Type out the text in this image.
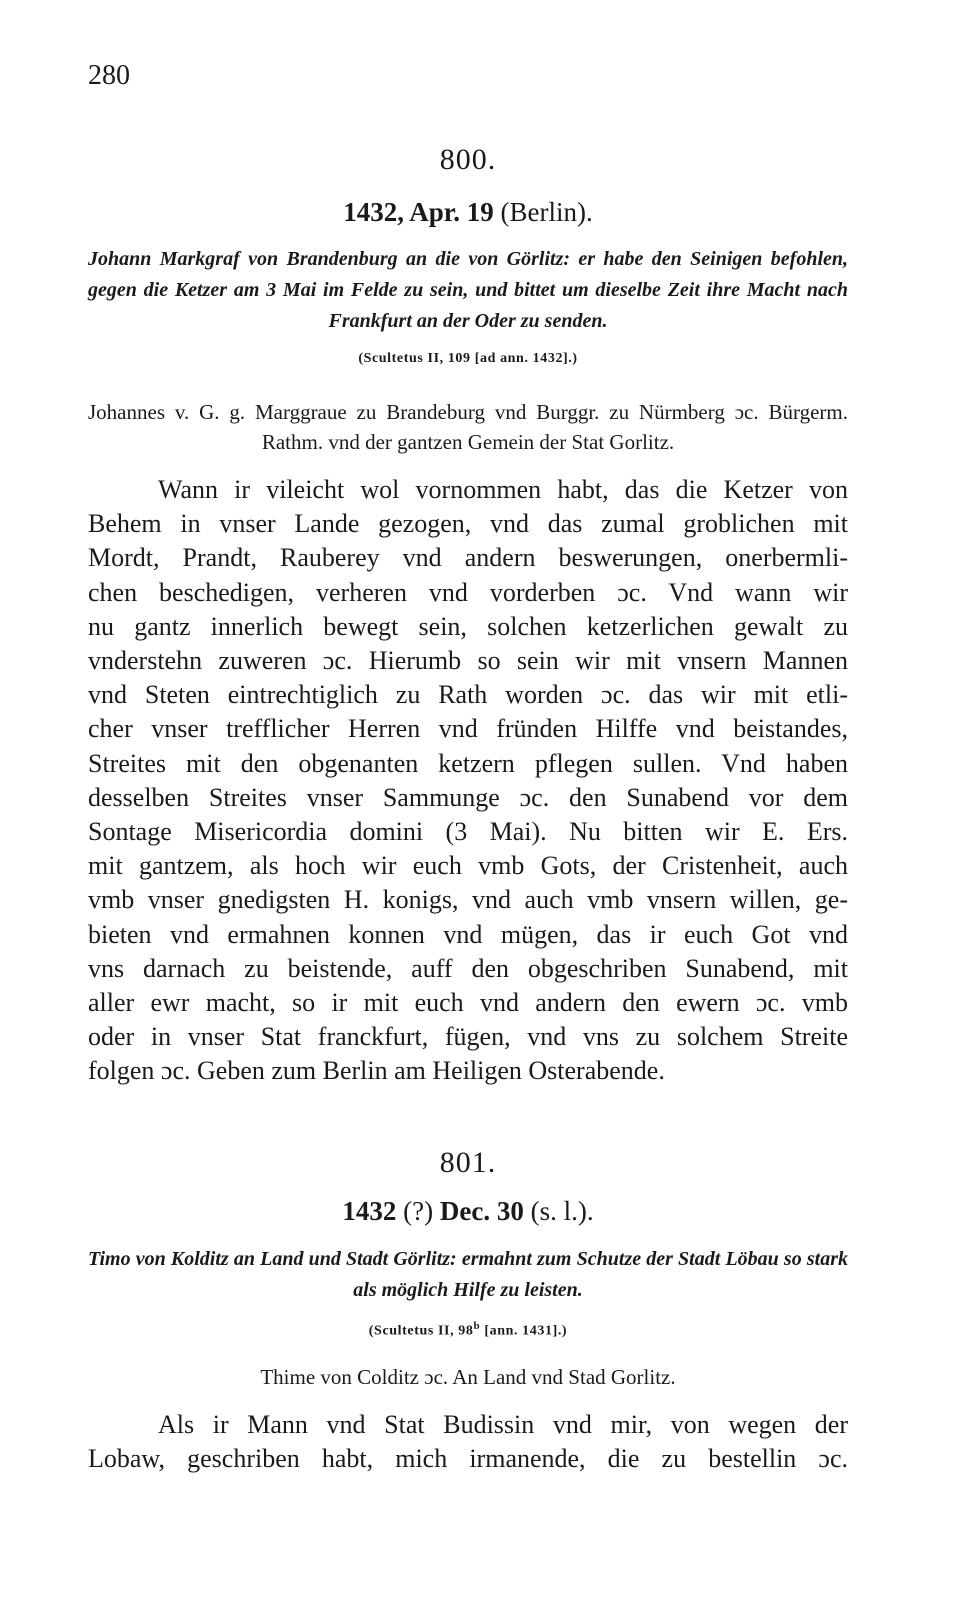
280
800.
1432, Apr. 19 (Berlin).
Johann Markgraf von Brandenburg an die von Görlitz: er habe den Seinigen befohlen, gegen die Ketzer am 3 Mai im Felde zu sein, und bittet um dieselbe Zeit ihre Macht nach Frankfurt an der Oder zu senden.
(Scultetus II, 109 [ad ann. 1432].)
Johannes v. G. g. Marggraue zu Brandeburg vnd Burggr. zu Nürmberg ɔc. Bürgerm. Rathm. vnd der gantzen Gemein der Stat Gorlitz.
Wann ir vileicht wol vornommen habt, das die Ketzer von
Behem in vnser Lande gezogen, vnd das zumal groblichen mit
Mordt, Prandt, Rauberey vnd andern beswerungen, onerbermli-
chen beschedigen, verheren vnd vorderben ɔc. Vnd wann wir
nu gantz innerlich bewegt sein, solchen ketzerlichen gewalt zu
vnderstehn zuweren ɔc. Hierumb so sein wir mit vnsern Mannen
vnd Steten eintrechtiglich zu Rath worden ɔc. das wir mit etli-
cher vnser trefflicher Herren vnd fründen Hilffe vnd beistandes,
Streites mit den obgenanten ketzern pflegen sullen. Vnd haben
desselben Streites vnser Sammunge ɔc. den Sunabend vor dem
Sontage Misericordia domini (3 Mai). Nu bitten wir E. Ers.
mit gantzem, als hoch wir euch vmb Gots, der Cristenheit, auch
vmb vnser gnedigsten H. konigs, vnd auch vmb vnsern willen, ge-
bieten vnd ermahnen konnen vnd mügen, das ir euch Got vnd
vns darnach zu beistende, auff den obgeschriben Sunabend, mit
aller ewr macht, so ir mit euch vnd andern den ewern ɔc. vmb
oder in vnser Stat franckfurt, fügen, vnd vns zu solchem Streite
folgen ɔc. Geben zum Berlin am Heiligen Osterabende.
801.
1432 (?) Dec. 30 (s. l.).
Timo von Kolditz an Land und Stadt Görlitz: ermahnt zum Schutze der Stadt Löbau so stark als möglich Hilfe zu leisten.
(Scultetus II, 98$^b$ [ann. 1431].)
Thime von Colditz ɔc. An Land vnd Stad Gorlitz.
Als ir Mann vnd Stat Budissin vnd mir, von wegen der
Lobaw, geschriben habt, mich irmanende, die zu bestellin ɔc.
